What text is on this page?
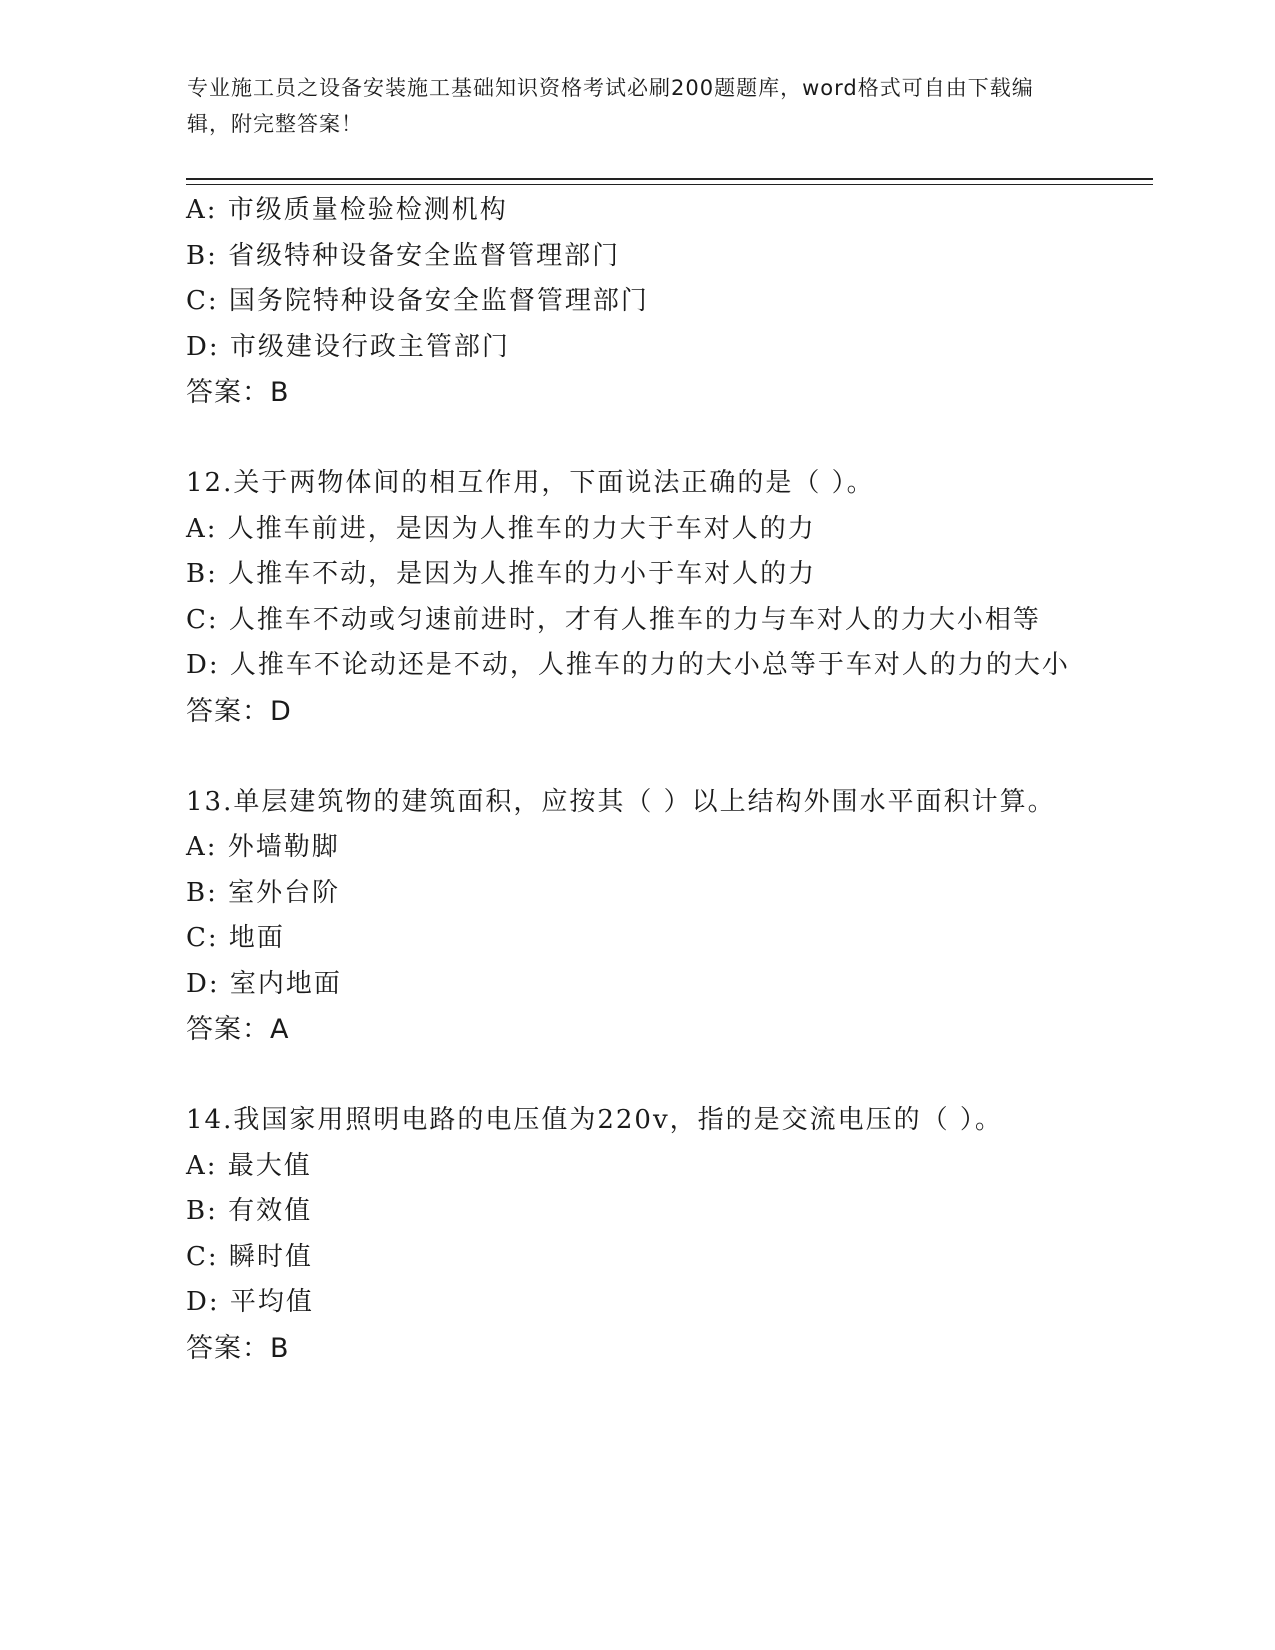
专业施工员之设备安装施工基础知识资格考试必刷200题题库，word格式可自由下载编辑，附完整答案！
A: 市级质量检验检测机构
B: 省级特种设备安全监督管理部门
C: 国务院特种设备安全监督管理部门
D: 市级建设行政主管部门
答案：B
12.关于两物体间的相互作用，下面说法正确的是（ ）。
A: 人推车前进，是因为人推车的力大于车对人的力
B: 人推车不动，是因为人推车的力小于车对人的力
C: 人推车不动或匀速前进时，才有人推车的力与车对人的力大小相等
D: 人推车不论动还是不动，人推车的力的大小总等于车对人的力的大小
答案：D
13.单层建筑物的建筑面积，应按其（ ）以上结构外围水平面积计算。
A: 外墙勒脚
B: 室外台阶
C: 地面
D: 室内地面
答案：A
14.我国家用照明电路的电压值为220v，指的是交流电压的（ ）。
A: 最大值
B: 有效值
C: 瞬时值
D: 平均值
答案：B
